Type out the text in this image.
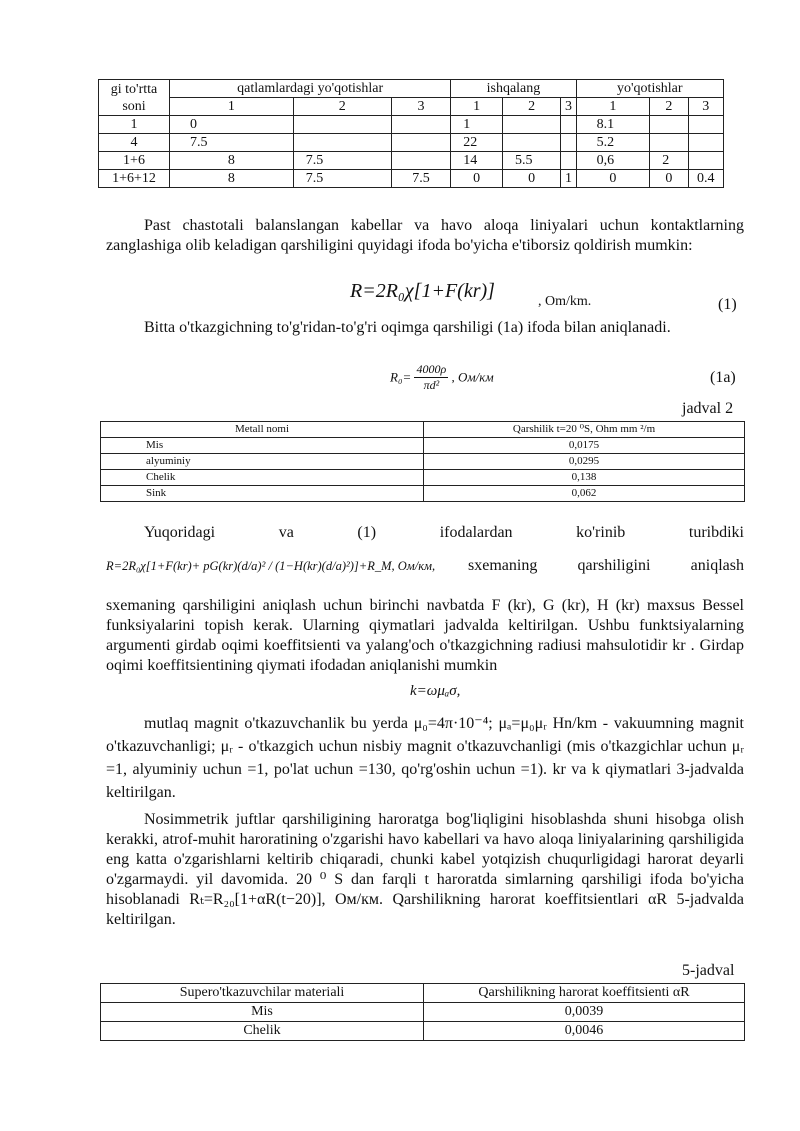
gi to'rtta
soni	qatlamlardagi yo'qotishlar			ishqalang			yo'qotishlar		
	1	2	3	1	2	3	1	2	3
1	0			1			8.1		
4	7.5			22			5.2		
1+6	8	7.5		14	5.5		0,6	2	
1+6+12	8	7.5	7.5	0	0	1	0	0	0.4
Past chastotali balanslangan kabellar va havo aloqa liniyalari uchun kontaktlarning zanglashiga olib keladigan qarshiligini quyidagi ifoda bo'yicha e'tiborsiz qoldirish mumkin:
R=2R₀χ[1+F(kr)]	, Om/km.	(1)
Bitta o'tkazgichning to'g'ridan-to'g'ri oqimga qarshiligi (1a) ifoda bilan aniqlanadi.
$R_0= \frac{4000\rho}{\text{πd²}}$ , Ом/км	(1a)
jadval 2
Metall nomi	Qarshilik t=20 ⁰S, Ohm mm ²/m
Mis	0,0175
alyuminiy	0,0295
Chelik	0,138
Sink	0,062
Yuqoridagi va (1) ifodalardan ko'rinib turibdiki
R=2R₀χ[1+F(kr)+ pG(kr)(d/a)² / (1−H(kr)(d/a)²)]+R_M, Ом/км,	sxemaning qarshiligini aniqlash
sxemaning qarshiligini aniqlash uchun birinchi navbatda F (kr), G (kr), H (kr) maxsus Bessel funksiyalarini topish kerak. Ularning qiymatlari jadvalda keltirilgan. Ushbu funktsiyalarning argumenti girdab oqimi koeffitsienti va yalang'och o'tkazgichning radiusi mahsulotidir kr . Girdap oqimi koeffitsientining qiymati ifodadan aniqlanishi mumkin
k=ωμₐσ,
mutlaq magnit o'tkazuvchanlik bu yerda μ₀=4π·10⁻⁴; μₐ=μ₀μᵣ Hn/km - vakuumning magnit o'tkazuvchanligi; μᵣ - o'tkazgich uchun nisbiy magnit o'tkazuvchanligi (mis o'tkazgichlar uchun μᵣ =1, alyuminiy uchun =1, po'lat uchun =130, qo'rg'oshin uchun =1). kr va k qiymatlari 3-jadvalda keltirilgan.
Nosimmetrik juftlar qarshiligining haroratga bog'liqligini hisoblashda shuni hisobga olish kerakki, atrof-muhit haroratining o'zgarishi havo kabellari va havo aloqa liniyalarining qarshiligida eng katta o'zgarishlarni keltirib chiqaradi, chunki kabel yotqizish chuqurligidagi harorat deyarli o'zgarmaydi. yil davomida. 20 ⁰ S dan farqli t haroratda simlarning qarshiligi ifoda bo'yicha hisoblanadi Rₜ=R₂₀[1+αR(t−20)], Ом/км. Qarshilikning harorat koeffitsientlari αR 5-jadvalda keltirilgan.
5-jadval
Supero'tkazuvchilar materiali	Qarshilikning harorat koeffitsienti αR
Mis	0,0039
Chelik	0,0046
